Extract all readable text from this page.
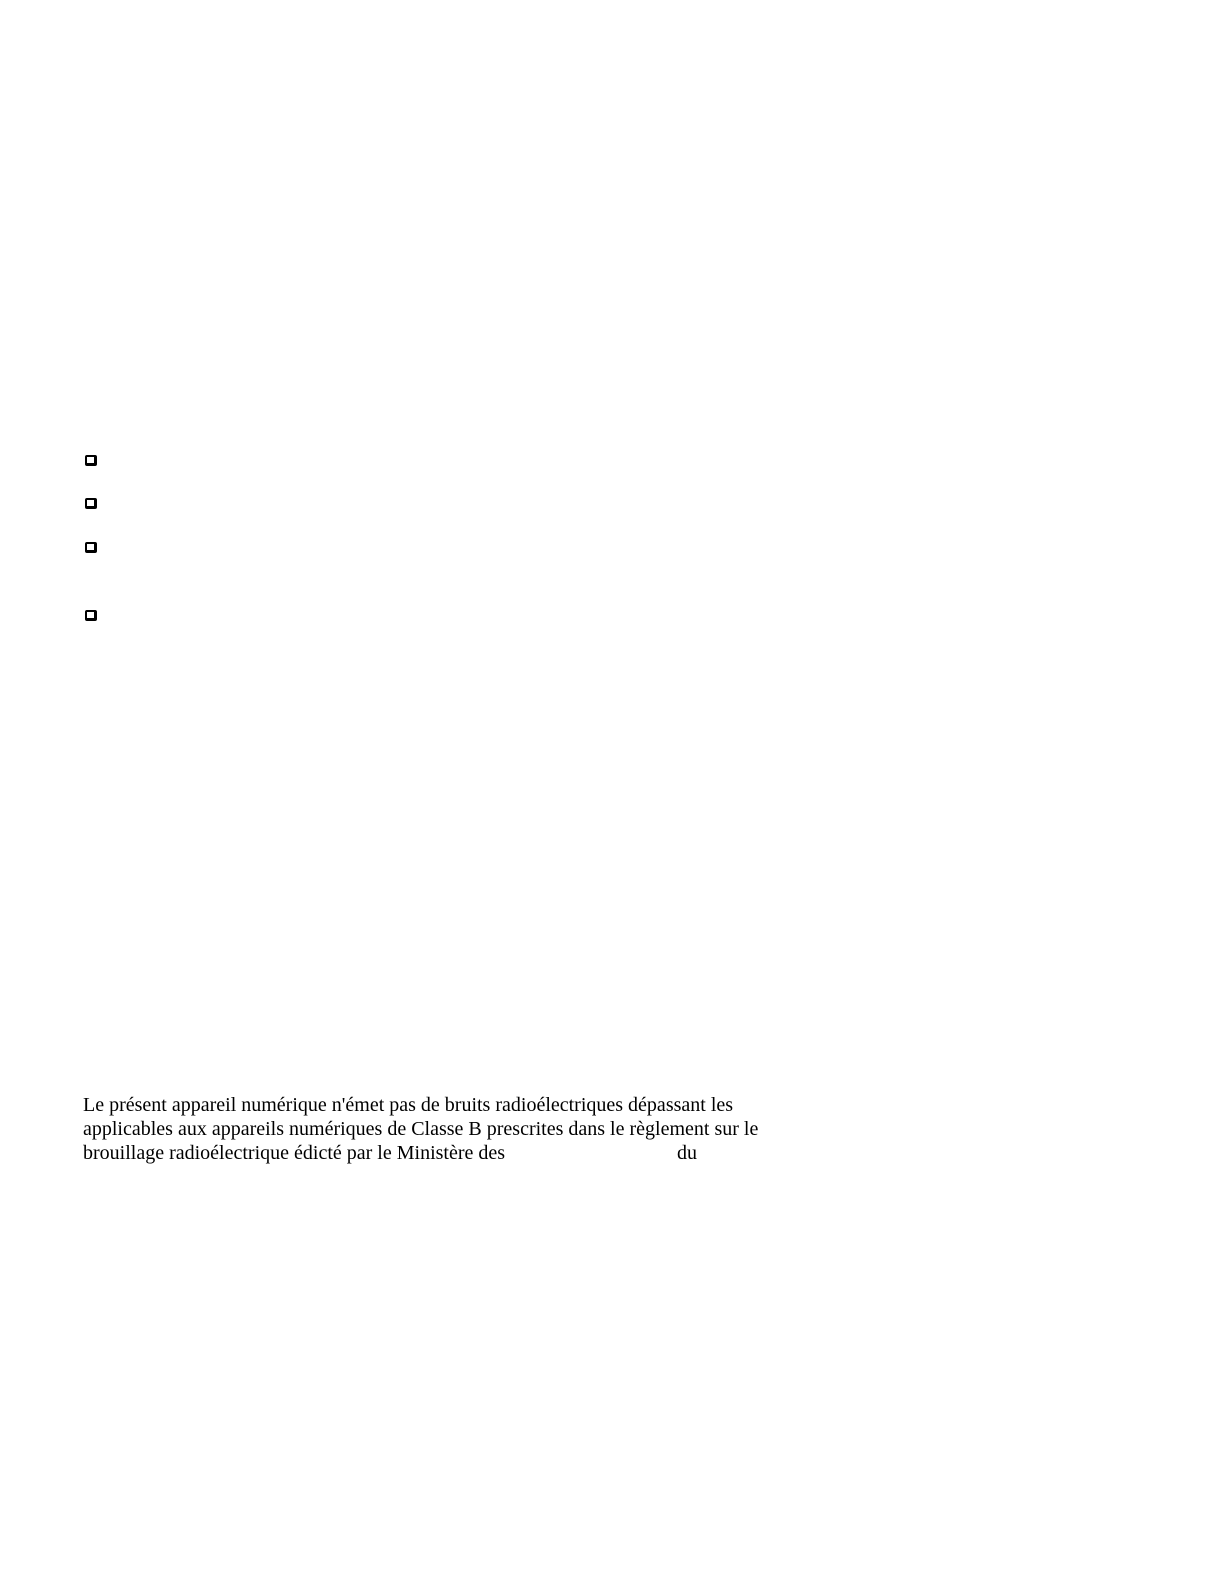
Le présent appareil numérique n'émet pas de bruits radioélectriques dépassant les
applicables aux appareils numériques de Classe B prescrites dans le règlement sur le
brouillage radioélectrique édicté par le Ministère des	du
